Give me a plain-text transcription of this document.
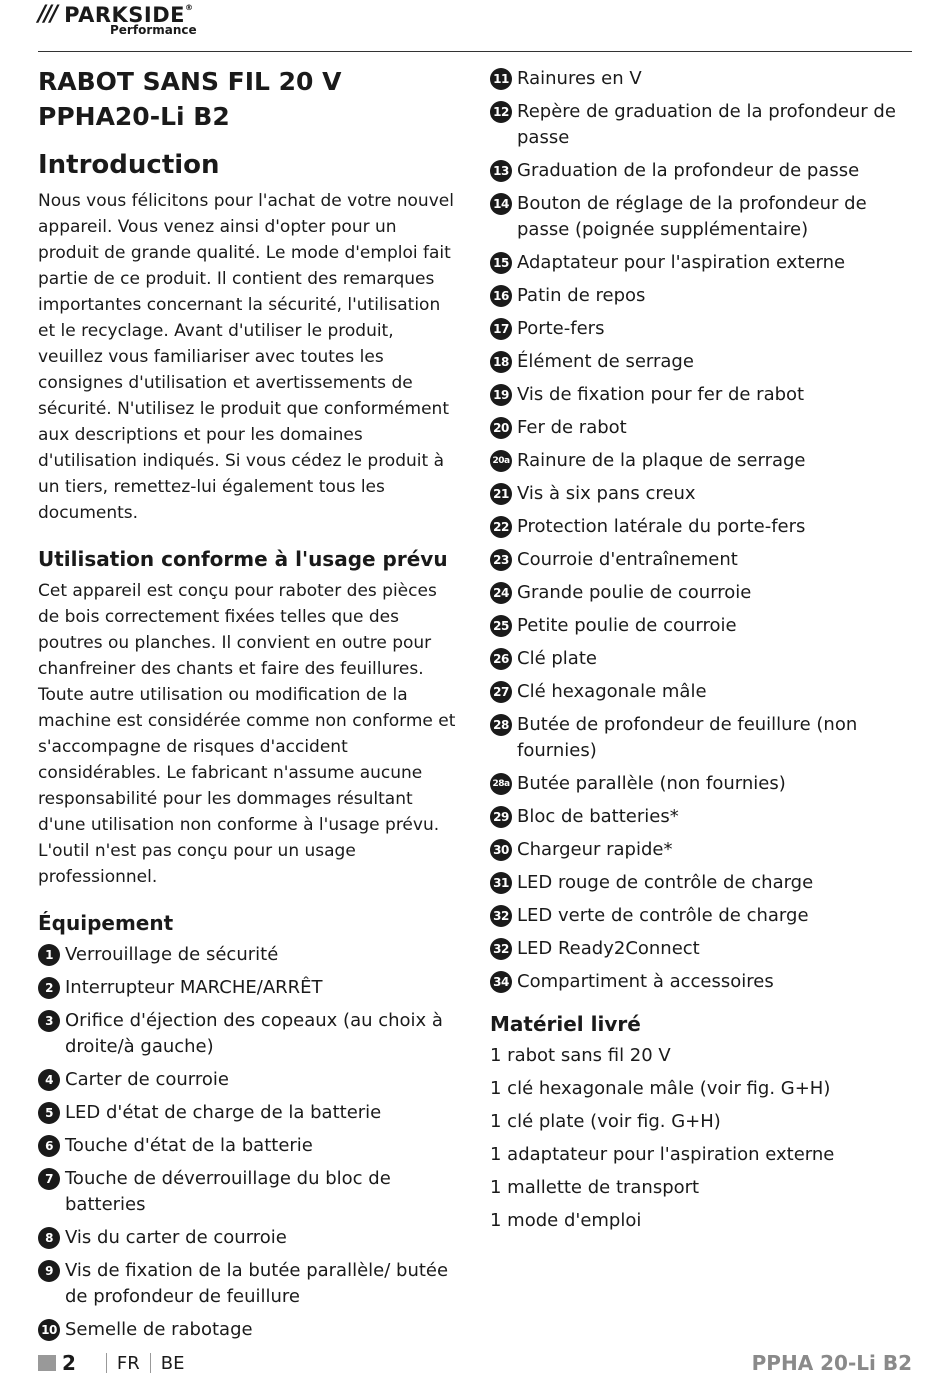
/// PARKSIDE®
Performance
RABOT SANS FIL 20 V
PPHA20-Li B2
Introduction

Nous vous félicitons pour l'achat de votre nouvel appareil. Vous venez ainsi d'opter pour un produit de grande qualité. Le mode d'emploi fait partie de ce produit. Il contient des remarques importantes concernant la sécurité, l'utilisation et le recyclage. Avant d'utiliser le produit, veuillez vous familiariser avec toutes les consignes d'utilisation et avertissements de sécurité. N'utilisez le produit que conformément aux descriptions et pour les domaines d'utilisation indiqués. Si vous cédez le produit à un tiers, remettez-lui également tous les documents.

Utilisation conforme à l'usage prévu

Cet appareil est conçu pour raboter des pièces de bois correctement fixées telles que des poutres ou planches. Il convient en outre pour chanfreiner des chants et faire des feuillures. Toute autre utilisation ou modification de la machine est considérée comme non conforme et s'accompagne de risques d'accident considérables. Le fabricant n'assume aucune responsabilité pour les dommages résultant d'une utilisation non conforme à l'usage prévu. L'outil n'est pas conçu pour un usage professionnel.

Équipement
1 Verrouillage de sécurité
2 Interrupteur MARCHE/ARRÊT
3 Orifice d'éjection des copeaux (au choix à droite/à gauche)
4 Carter de courroie
5 LED d'état de charge de la batterie
6 Touche d'état de la batterie
7 Touche de déverrouillage du bloc de batteries
8 Vis du carter de courroie
9 Vis de fixation de la butée parallèle/ butée de profondeur de feuillure
10 Semelle de rabotage
11 Rainures en V
12 Repère de graduation de la profondeur de passe
13 Graduation de la profondeur de passe
14 Bouton de réglage de la profondeur de passe (poignée supplémentaire)
15 Adaptateur pour l'aspiration externe
16 Patin de repos
17 Porte-fers
18 Élément de serrage
19 Vis de fixation pour fer de rabot
20 Fer de rabot
20a Rainure de la plaque de serrage
21 Vis à six pans creux
22 Protection latérale du porte-fers
23 Courroie d'entraînement
24 Grande poulie de courroie
25 Petite poulie de courroie
26 Clé plate
27 Clé hexagonale mâle
28 Butée de profondeur de feuillure (non fournies)
28a Butée parallèle (non fournies)
29 Bloc de batteries*
30 Chargeur rapide*
31 LED rouge de contrôle de charge
32 LED verte de contrôle de charge
32 LED Ready2Connect
34 Compartiment à accessoires
Matériel livré
1 rabot sans fil 20 V
1 clé hexagonale mâle (voir fig. G+H)
1 clé plate (voir fig. G+H)
1 adaptateur pour l'aspiration externe
1 mallette de transport
1 mode d'emploi
2 FR BE	PPHA 20-Li B2
